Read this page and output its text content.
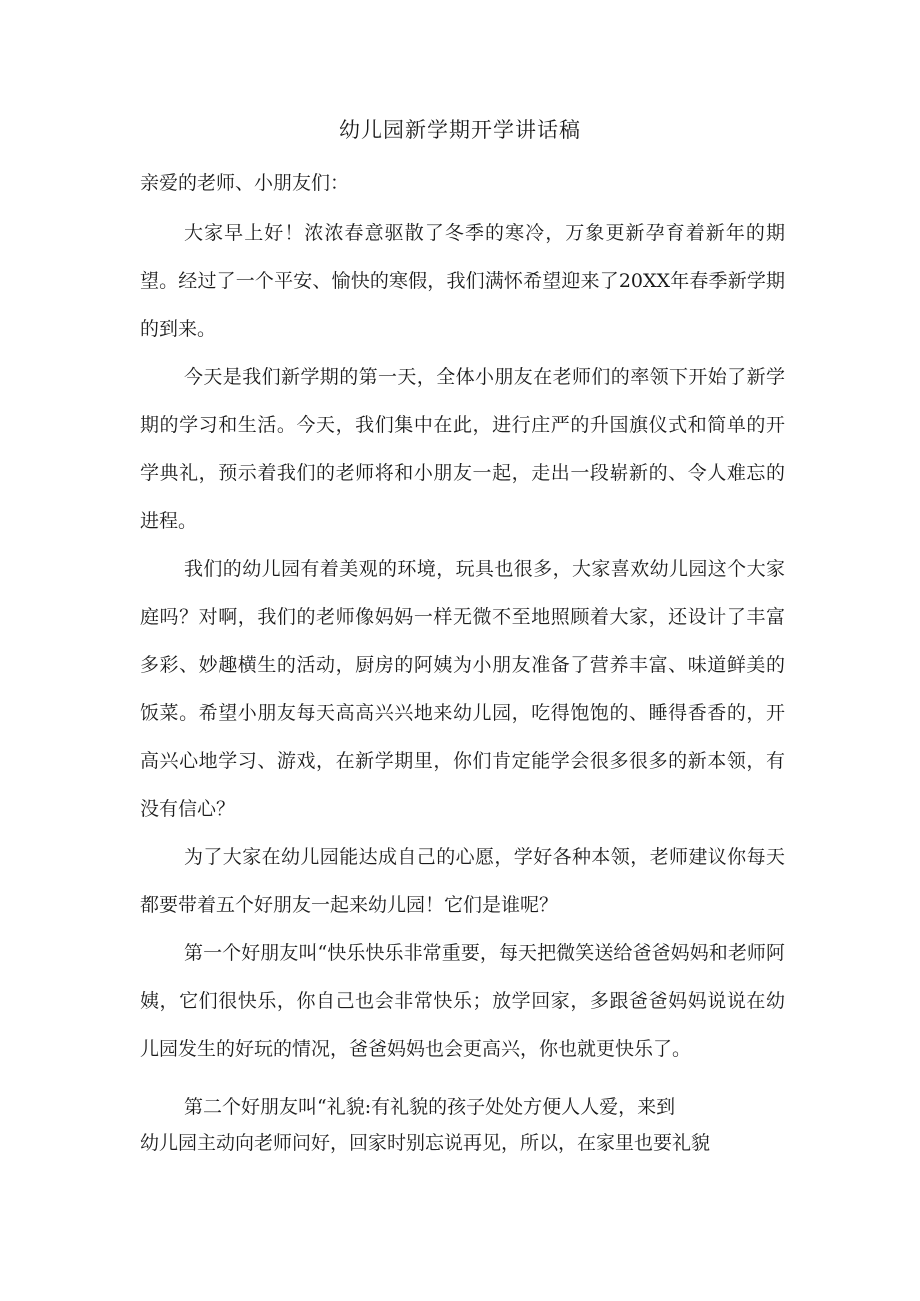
幼儿园新学期开学讲话稿
亲爱的老师、小朋友们：

大家早上好！浓浓春意驱散了冬季的寒冷，万象更新孕育着新年的期望。经过了一个平安、愉快的寒假，我们满怀希望迎来了20XX年春季新学期的到来。

今天是我们新学期的第一天，全体小朋友在老师们的率领下开始了新学期的学习和生活。今天，我们集中在此，进行庄严的升国旗仪式和简单的开学典礼，预示着我们的老师将和小朋友一起，走出一段崭新的、令人难忘的进程。

我们的幼儿园有着美观的环境，玩具也很多，大家喜欢幼儿园这个大家庭吗？对啊，我们的老师像妈妈一样无微不至地照顾着大家，还设计了丰富多彩、妙趣横生的活动，厨房的阿姨为小朋友准备了营养丰富、味道鲜美的饭菜。希望小朋友每天高高兴兴地来幼儿园，吃得饱饱的、睡得香香的，开高兴心地学习、游戏，在新学期里，你们肯定能学会很多很多的新本领，有没有信心？

为了大家在幼儿园能达成自己的心愿，学好各种本领，老师建议你每天都要带着五个好朋友一起来幼儿园！它们是谁呢？

第一个好朋友叫“快乐快乐非常重要，每天把微笑送给爸爸妈妈和老师阿姨，它们很快乐，你自己也会非常快乐；放学回家，多跟爸爸妈妈说说在幼儿园发生的好玩的情况，爸爸妈妈也会更高兴，你也就更快乐了。

第二个好朋友叫“礼貌:有礼貌的孩子处处方便人人爱，来到
幼儿园主动向老师问好，回家时别忘说再见，所以，在家里也要礼貌
